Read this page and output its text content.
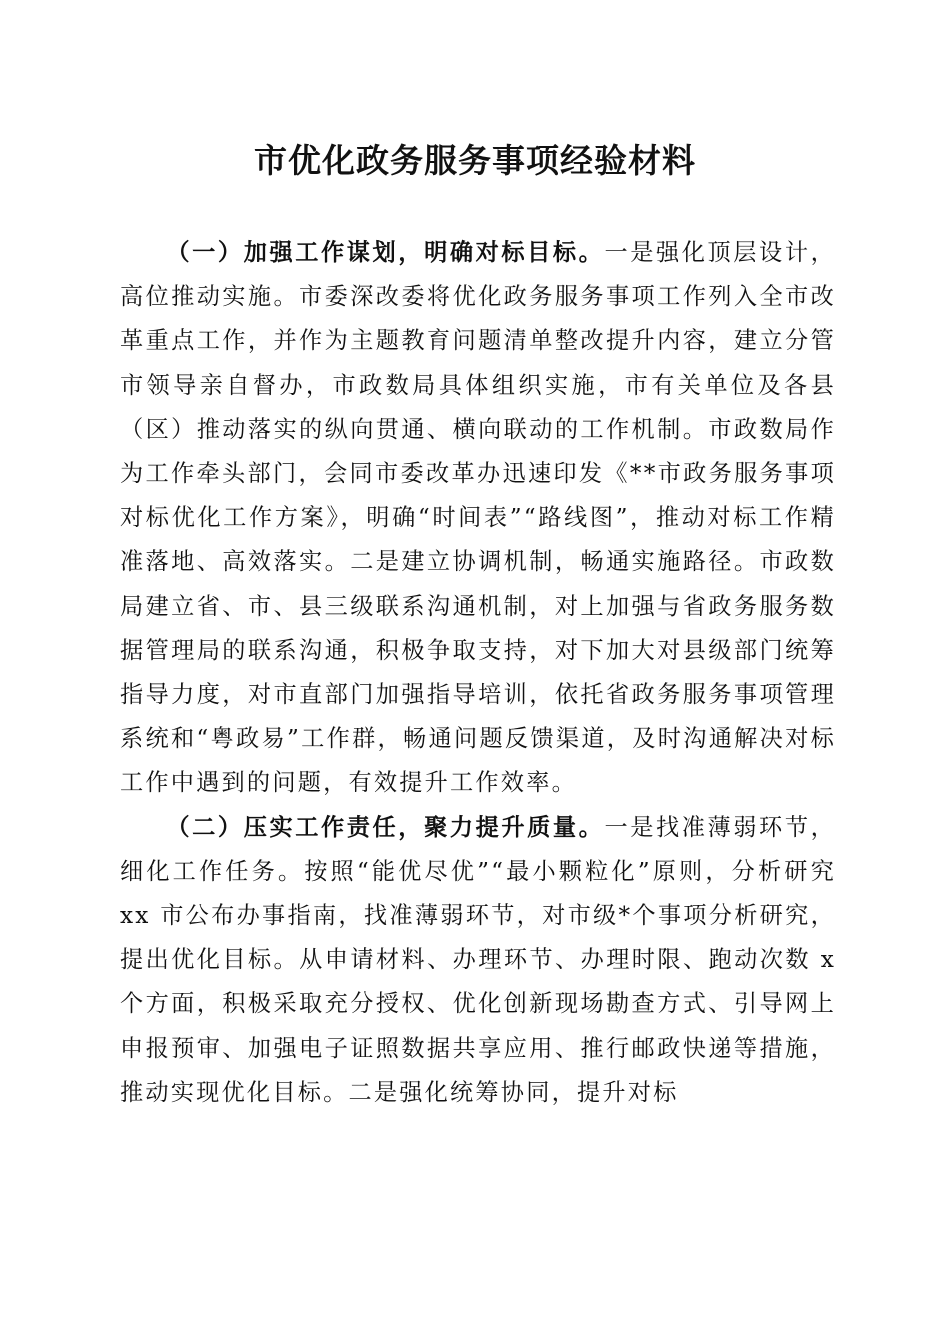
市优化政务服务事项经验材料

（一）加强工作谋划，明确对标目标。一是强化顶层设计，高位推动实施。市委深改委将优化政务服务事项工作列入全市改革重点工作，并作为主题教育问题清单整改提升内容，建立分管市领导亲自督办，市政数局具体组织实施，市有关单位及各县（区）推动落实的纵向贯通、横向联动的工作机制。市政数局作为工作牵头部门，会同市委改革办迅速印发《**市政务服务事项对标优化工作方案》，明确“时间表”“路线图”，推动对标工作精准落地、高效落实。二是建立协调机制，畅通实施路径。市政数局建立省、市、县三级联系沟通机制，对上加强与省政务服务数据管理局的联系沟通，积极争取支持，对下加大对县级部门统筹指导力度，对市直部门加强指导培训，依托省政务服务事项管理系统和“粤政易”工作群，畅通问题反馈渠道，及时沟通解决对标工作中遇到的问题，有效提升工作效率。

（二）压实工作责任，聚力提升质量。一是找准薄弱环节，细化工作任务。按照“能优尽优”“最小颗粒化”原则，分析研究 xx 市公布办事指南，找准薄弱环节，对市级*个事项分析研究，提出优化目标。从申请材料、办理环节、办理时限、跑动次数 x 个方面，积极采取充分授权、优化创新现场勘查方式、引导网上申报预审、加强电子证照数据共享应用、推行邮政快递等措施，推动实现优化目标。二是强化统筹协同，提升对标
